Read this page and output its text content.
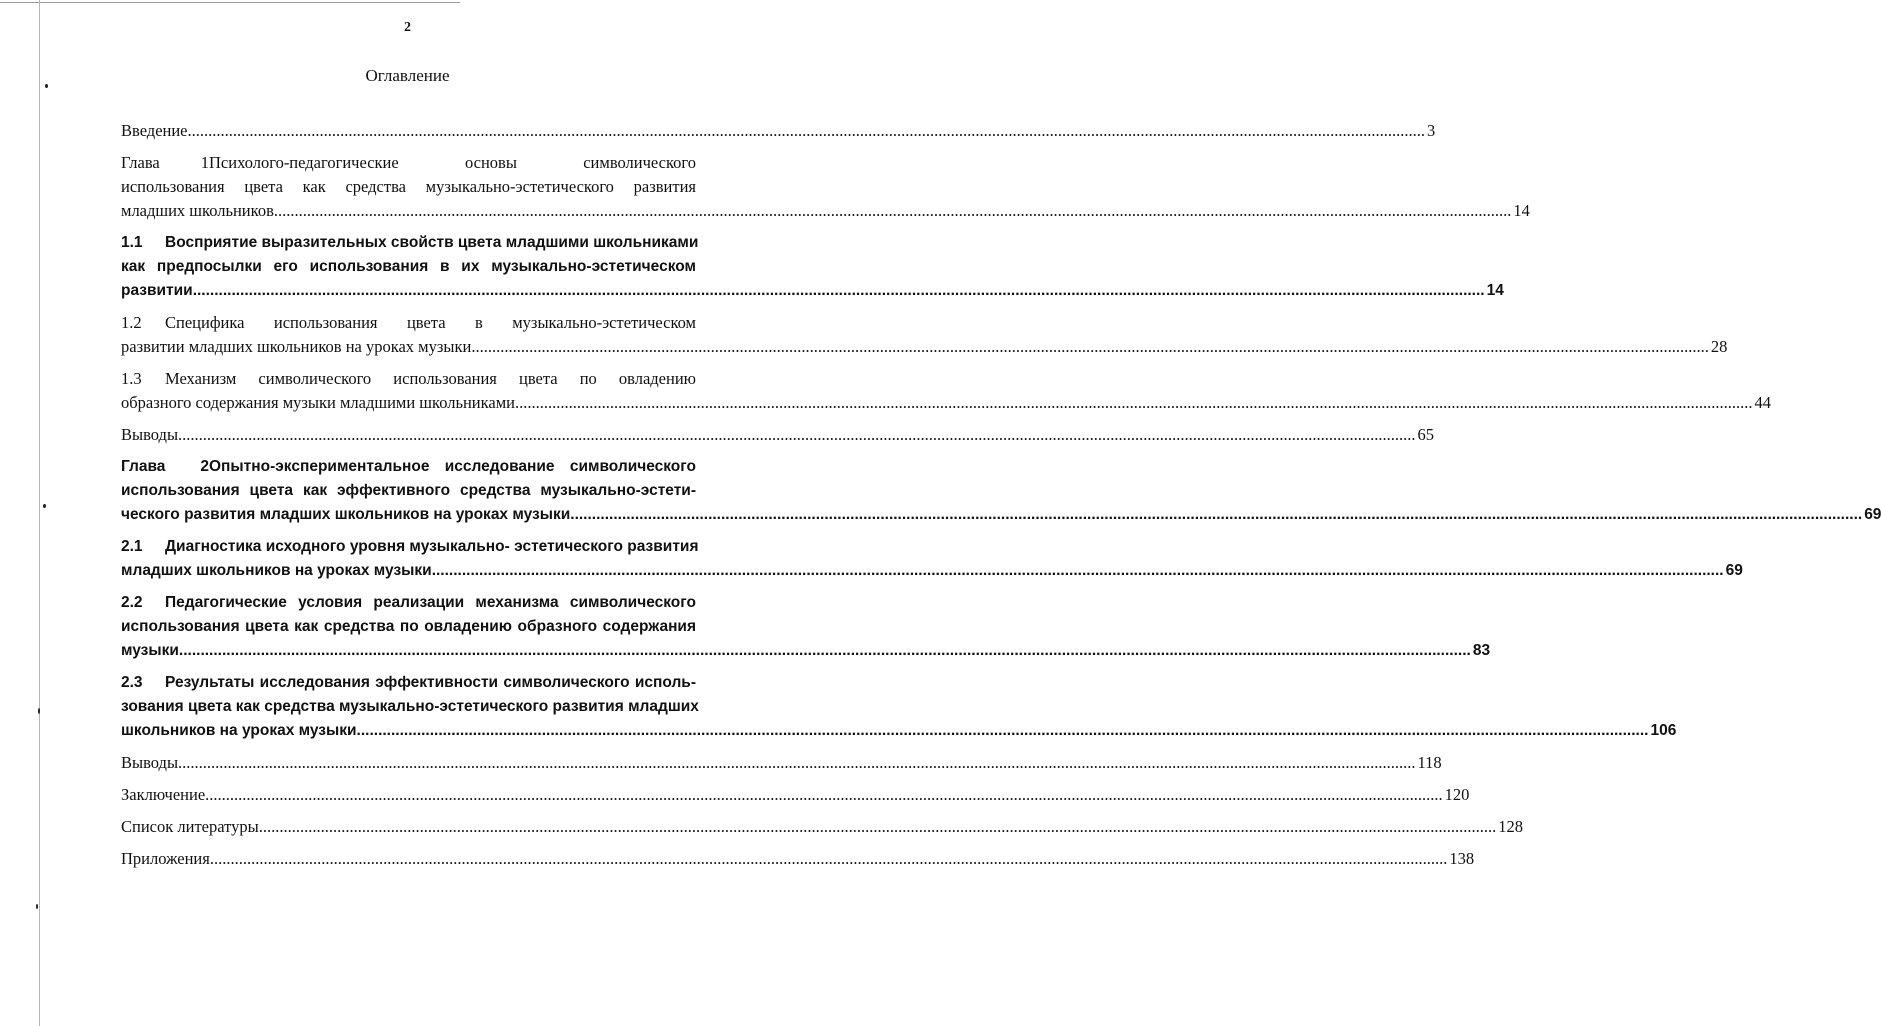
2
Оглавление
Введение............................................................................................................................................................................................................................................................................................................ 3
Глава 1Психолого-педагогические основы символического
использования цвета как средства музыкально-эстетического развития
младших школьников............................................................................................................................................................................................................................................................................................................ 14
1.1 Восприятие выразительных свойств цвета младшими школьниками
как предпосылки его использования в их музыкально-эстетическом
развитии............................................................................................................................................................................................................................................................................................................ 14
1.2 Специфика использования цвета в музыкально-эстетическом
развитии младших школьников на уроках музыки............................................................................................................................................................................................................................................................................................................ 28
1.3 Механизм символического использования цвета по овладению
образного содержания музыки младшими школьниками............................................................................................................................................................................................................................................................................................................ 44
Выводы............................................................................................................................................................................................................................................................................................................ 65
Глава 2Опытно-экспериментальное исследование символического
использования цвета как эффективного средства музыкально-эстети-
ческого развития младших школьников на уроках музыки............................................................................................................................................................................................................................................................................................................ 69
2.1 Диагностика исходного уровня музыкально- эстетического развития
младших школьников на уроках музыки............................................................................................................................................................................................................................................................................................................ 69
2.2 Педагогические условия реализации механизма символического
использования цвета как средства по овладению образного содержания
музыки............................................................................................................................................................................................................................................................................................................ 83
2.3 Результаты исследования эффективности символического исполь-
зования цвета как средства музыкально-эстетического развития младших
школьников на уроках музыки............................................................................................................................................................................................................................................................................................................ 106
Выводы............................................................................................................................................................................................................................................................................................................ 118
Заключение............................................................................................................................................................................................................................................................................................................ 120
Список литературы............................................................................................................................................................................................................................................................................................................ 128
Приложения............................................................................................................................................................................................................................................................................................................ 138
